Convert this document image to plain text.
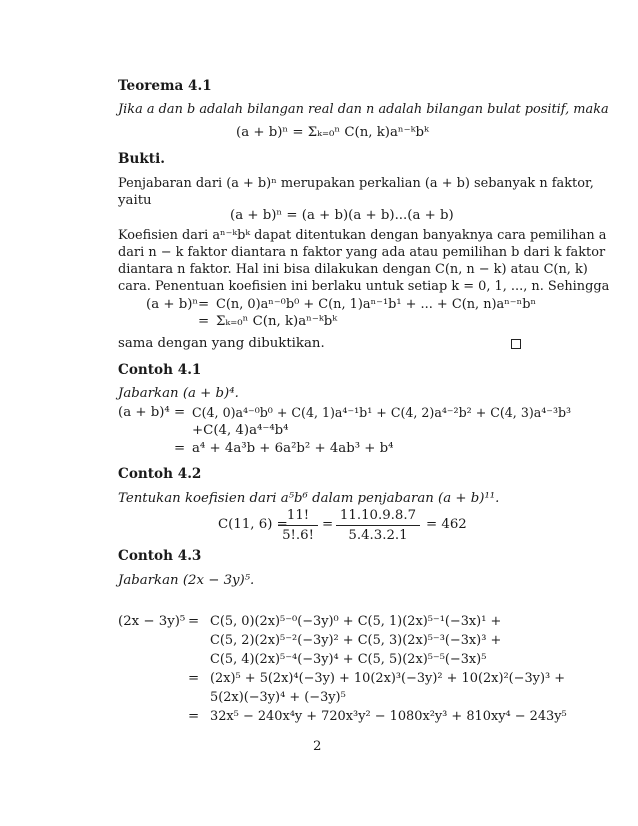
Teorema 4.1
Jika a dan b adalah bilangan real dan n adalah bilangan bulat positif, maka
(a + b)ⁿ = Σₖ₌₀ⁿ C(n, k)aⁿ⁻ᵏbᵏ
Bukti.
Penjabaran dari (a + b)ⁿ merupakan perkalian (a + b) sebanyak n faktor,
yaitu
(a + b)ⁿ = (a + b)(a + b)...(a + b)
Koefisien dari aⁿ⁻ᵏbᵏ dapat ditentukan dengan banyaknya cara pemilihan a
dari n − k faktor diantara n faktor yang ada atau pemilihan b dari k faktor
diantara n faktor. Hal ini bisa dilakukan dengan C(n, n − k) atau C(n, k)
cara. Penentuan koefisien ini berlaku untuk setiap k = 0, 1, ..., n. Sehingga
(a + b)ⁿ = C(n, 0)aⁿ⁻⁰b⁰ + C(n, 1)aⁿ⁻¹b¹ + ... + C(n, n)aⁿ⁻ⁿbⁿ
= Σₖ₌₀ⁿ C(n, k)aⁿ⁻ᵏbᵏ
sama dengan yang dibuktikan.
Contoh 4.1
Jabarkan (a + b)⁴.
(a + b)⁴ = C(4, 0)a⁴⁻⁰b⁰ + C(4, 1)a⁴⁻¹b¹ + C(4, 2)a⁴⁻²b² + C(4, 3)a⁴⁻³b³
+C(4, 4)a⁴⁻⁴b⁴
= a⁴ + 4a³b + 6a²b² + 4ab³ + b⁴
Contoh 4.2
Tentukan koefisien dari a⁵b⁶ dalam penjabaran (a + b)¹¹.
C(11, 6) =
11!
5!.6!
=
11.10.9.8.7
5.4.3.2.1
= 462
Contoh 4.3
Jabarkan (2x − 3y)⁵.
(2x − 3y)⁵ = C(5, 0)(2x)⁵⁻⁰(−3y)⁰ + C(5, 1)(2x)⁵⁻¹(−3x)¹ +
C(5, 2)(2x)⁵⁻²(−3y)² + C(5, 3)(2x)⁵⁻³(−3x)³ +
C(5, 4)(2x)⁵⁻⁴(−3y)⁴ + C(5, 5)(2x)⁵⁻⁵(−3x)⁵
= (2x)⁵ + 5(2x)⁴(−3y) + 10(2x)³(−3y)² + 10(2x)²(−3y)³ +
5(2x)(−3y)⁴ + (−3y)⁵
= 32x⁵ − 240x⁴y + 720x³y² − 1080x²y³ + 810xy⁴ − 243y⁵
2
